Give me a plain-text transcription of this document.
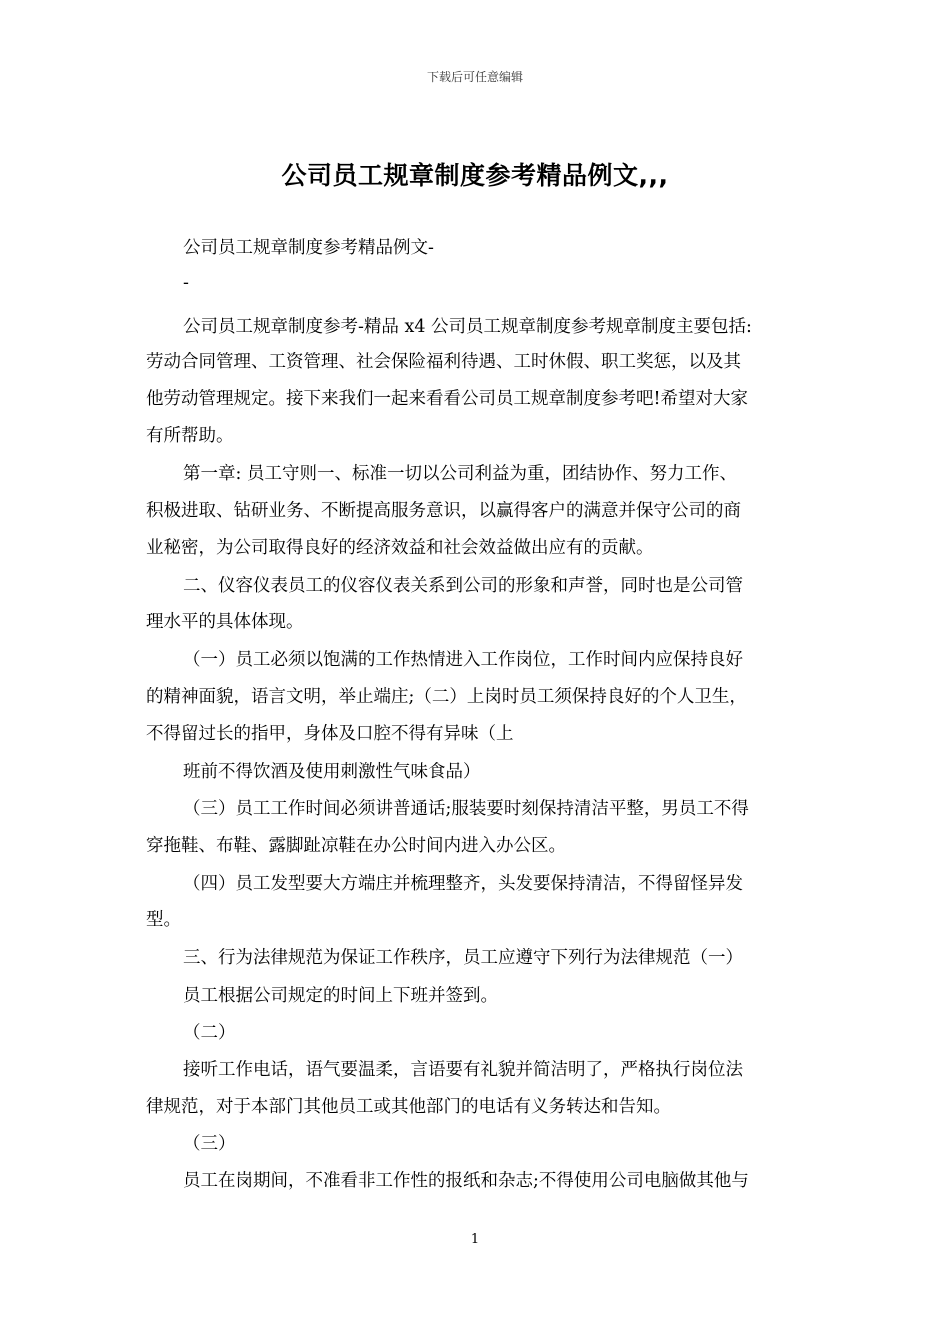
下载后可任意编辑
公司员工规章制度参考精品例文,,,
公司员工规章制度参考精品例文-
-
公司员工规章制度参考-精品 x4 公司员工规章制度参考规章制度主要包括:
劳动合同管理、工资管理、社会保险福利待遇、工时休假、职工奖惩，以及其
他劳动管理规定。接下来我们一起来看看公司员工规章制度参考吧!希望对大家
有所帮助。
第一章: 员工守则一、标准一切以公司利益为重，团结协作、努力工作、
积极进取、钻研业务、不断提高服务意识，以赢得客户的满意并保守公司的商
业秘密，为公司取得良好的经济效益和社会效益做出应有的贡献。
二、仪容仪表员工的仪容仪表关系到公司的形象和声誉，同时也是公司管
理水平的具体体现。
（一）员工必须以饱满的工作热情进入工作岗位，工作时间内应保持良好
的精神面貌，语言文明，举止端庄;（二）上岗时员工须保持良好的个人卫生，
不得留过长的指甲，身体及口腔不得有异味（上
班前不得饮酒及使用刺激性气味食品）
（三）员工工作时间必须讲普通话;服装要时刻保持清洁平整，男员工不得
穿拖鞋、布鞋、露脚趾凉鞋在办公时间内进入办公区。
（四）员工发型要大方端庄并梳理整齐，头发要保持清洁，不得留怪异发
型。
三、行为法律规范为保证工作秩序，员工应遵守下列行为法律规范（一）
员工根据公司规定的时间上下班并签到。
（二）
接听工作电话，语气要温柔，言语要有礼貌并简洁明了，严格执行岗位法
律规范，对于本部门其他员工或其他部门的电话有义务转达和告知。
（三）
员工在岗期间，不准看非工作性的报纸和杂志;不得使用公司电脑做其他与
1
